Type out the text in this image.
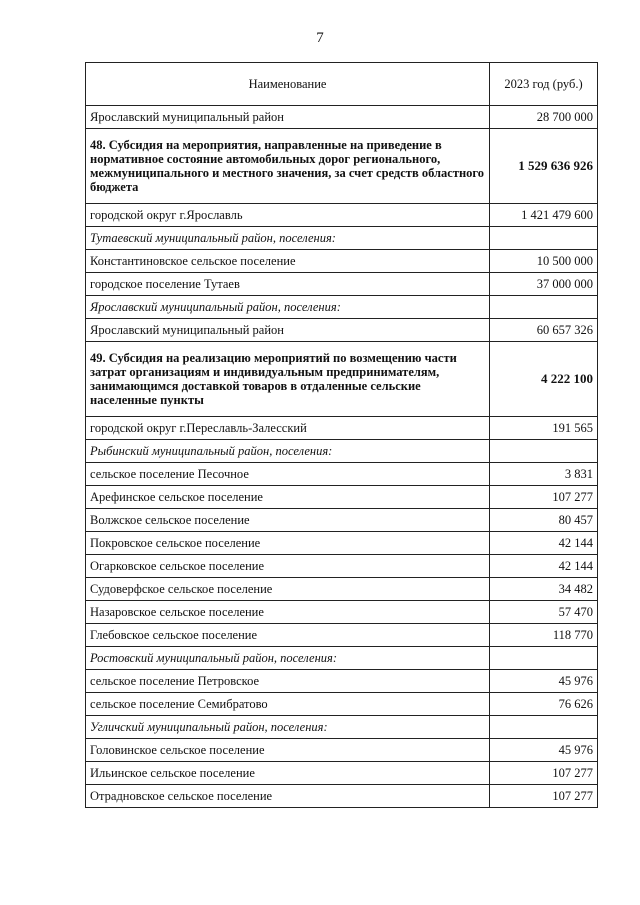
7
Наименование	2023 год (руб.)
Ярославский муниципальный район	28 700 000
48. Субсидия на мероприятия, направленные на приведение в нормативное состояние автомобильных дорог регионального, межмуниципального и местного значения, за счет средств областного бюджета	1 529 636 926
городской округ г.Ярославль	1 421 479 600
Тутаевский муниципальный район, поселения:	
Константиновское сельское поселение	10 500 000
городское поселение Тутаев	37 000 000
Ярославский муниципальный район, поселения:	
Ярославский муниципальный район	60 657 326
49. Субсидия на реализацию мероприятий по возмещению части затрат организациям и индивидуальным предпринимателям, занимающимся доставкой товаров в отдаленные сельские населенные пункты	4 222 100
городской округ г.Переславль-Залесский	191 565
Рыбинский муниципальный район, поселения:	
сельское поселение Песочное	3 831
Арефинское сельское поселение	107 277
Волжское сельское поселение	80 457
Покровское сельское поселение	42 144
Огарковское сельское поселение	42 144
Судоверфское сельское поселение	34 482
Назаровское сельское поселение	57 470
Глебовское сельское поселение	118 770
Ростовский муниципальный район, поселения:	
сельское поселение Петровское	45 976
сельское поселение Семибратово	76 626
Угличский муниципальный район, поселения:	
Головинское сельское поселение	45 976
Ильинское сельское поселение	107 277
Отрадновское сельское поселение	107 277
